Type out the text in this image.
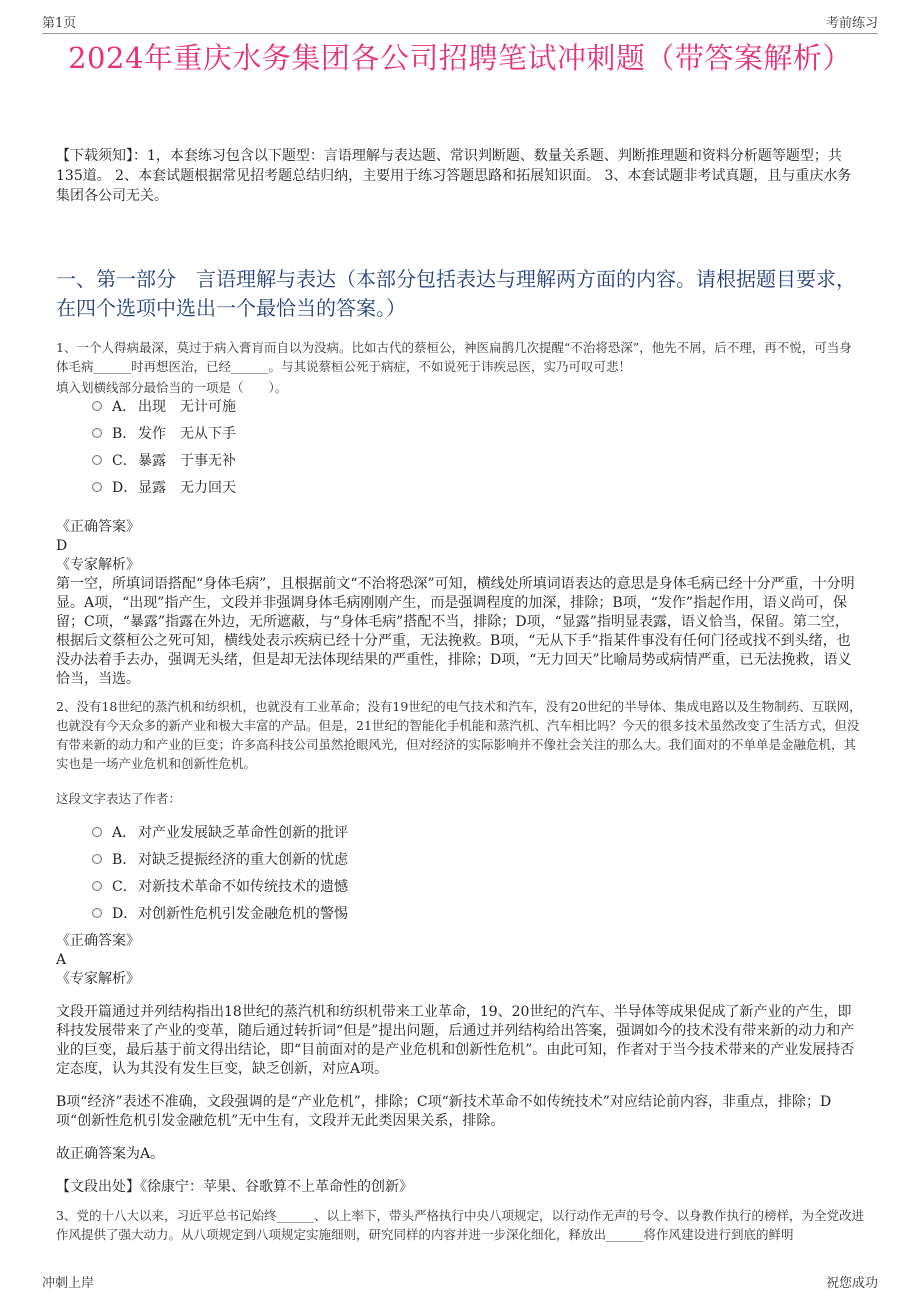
第1页	考前练习
2024年重庆水务集团各公司招聘笔试冲刺题（带答案解析）
【下载须知】：1，本套练习包含以下题型：言语理解与表达题、常识判断题、数量关系题、判断推理题和资料分析题等题型；共135道。 2、本套试题根据常见招考题总结归纳，主要用于练习答题思路和拓展知识面。 3、本套试题非考试真题，且与重庆水务集团各公司无关。
一、第一部分　言语理解与表达（本部分包括表达与理解两方面的内容。请根据题目要求，在四个选项中选出一个最恰当的答案。）
1、一个人得病最深，莫过于病入膏肓而自以为没病。比如古代的蔡桓公，神医扁鹊几次提醒“不治将恐深”，他先不屑，后不理，再不悦，可当身体毛病______时再想医治，已经______。与其说蔡桓公死于病症，不如说死于讳疾忌医，实乃可叹可悲！
填入划横线部分最恰当的一项是（　　）。
A． 出现　无计可施
B． 发作　无从下手
C． 暴露　于事无补
D． 显露　无力回天
《正确答案》
D
《专家解析》
第一空，所填词语搭配“身体毛病”，且根据前文“不治将恐深”可知，横线处所填词语表达的意思是身体毛病已经十分严重，十分明显。A项，“出现”指产生，文段并非强调身体毛病刚刚产生，而是强调程度的加深，排除；B项，“发作”指起作用，语义尚可，保留；C项，“暴露”指露在外边，无所遮蔽，与“身体毛病”搭配不当，排除；D项，“显露”指明显表露，语义恰当，保留。第二空，根据后文蔡桓公之死可知，横线处表示疾病已经十分严重，无法挽救。B项，“无从下手”指某件事没有任何门径或找不到头绪，也没办法着手去办，强调无头绪，但是却无法体现结果的严重性，排除；D项，“无力回天”比喻局势或病情严重，已无法挽救，语义恰当，当选。
2、没有18世纪的蒸汽机和纺织机，也就没有工业革命；没有19世纪的电气技术和汽车，没有20世纪的半导体、集成电路以及生物制药、互联网，也就没有今天众多的新产业和极大丰富的产品。但是，21世纪的智能化手机能和蒸汽机、汽车相比吗？今天的很多技术虽然改变了生活方式，但没有带来新的动力和产业的巨变；许多高科技公司虽然抢眼风光，但对经济的实际影响并不像社会关注的那么大。我们面对的不单单是金融危机，其实也是一场产业危机和创新性危机。
这段文字表达了作者：
A． 对产业发展缺乏革命性创新的批评
B． 对缺乏提振经济的重大创新的忧虑
C． 对新技术革命不如传统技术的遗憾
D． 对创新性危机引发金融危机的警惕
《正确答案》
A
《专家解析》
文段开篇通过并列结构指出18世纪的蒸汽机和纺织机带来工业革命，19、20世纪的汽车、半导体等成果促成了新产业的产生，即科技发展带来了产业的变革，随后通过转折词“但是”提出问题，后通过并列结构给出答案，强调如今的技术没有带来新的动力和产业的巨变，最后基于前文得出结论，即“目前面对的是产业危机和创新性危机”。由此可知，作者对于当今技术带来的产业发展持否定态度，认为其没有发生巨变，缺乏创新，对应A项。
B项“经济”表述不准确，文段强调的是“产业危机”，排除；C项“新技术革命不如传统技术”对应结论前内容，非重点，排除；D项“创新性危机引发金融危机”无中生有，文段并无此类因果关系，排除。
故正确答案为A。
【文段出处】《徐康宁：苹果、谷歌算不上革命性的创新》
3、党的十八大以来，习近平总书记始终______、以上率下，带头严格执行中央八项规定，以行动作无声的号令、以身教作执行的榜样，为全党改进作风提供了强大动力。从八项规定到八项规定实施细则，研究同样的内容并进一步深化细化，释放出______将作风建设进行到底的鲜明
冲刺上岸	祝您成功
